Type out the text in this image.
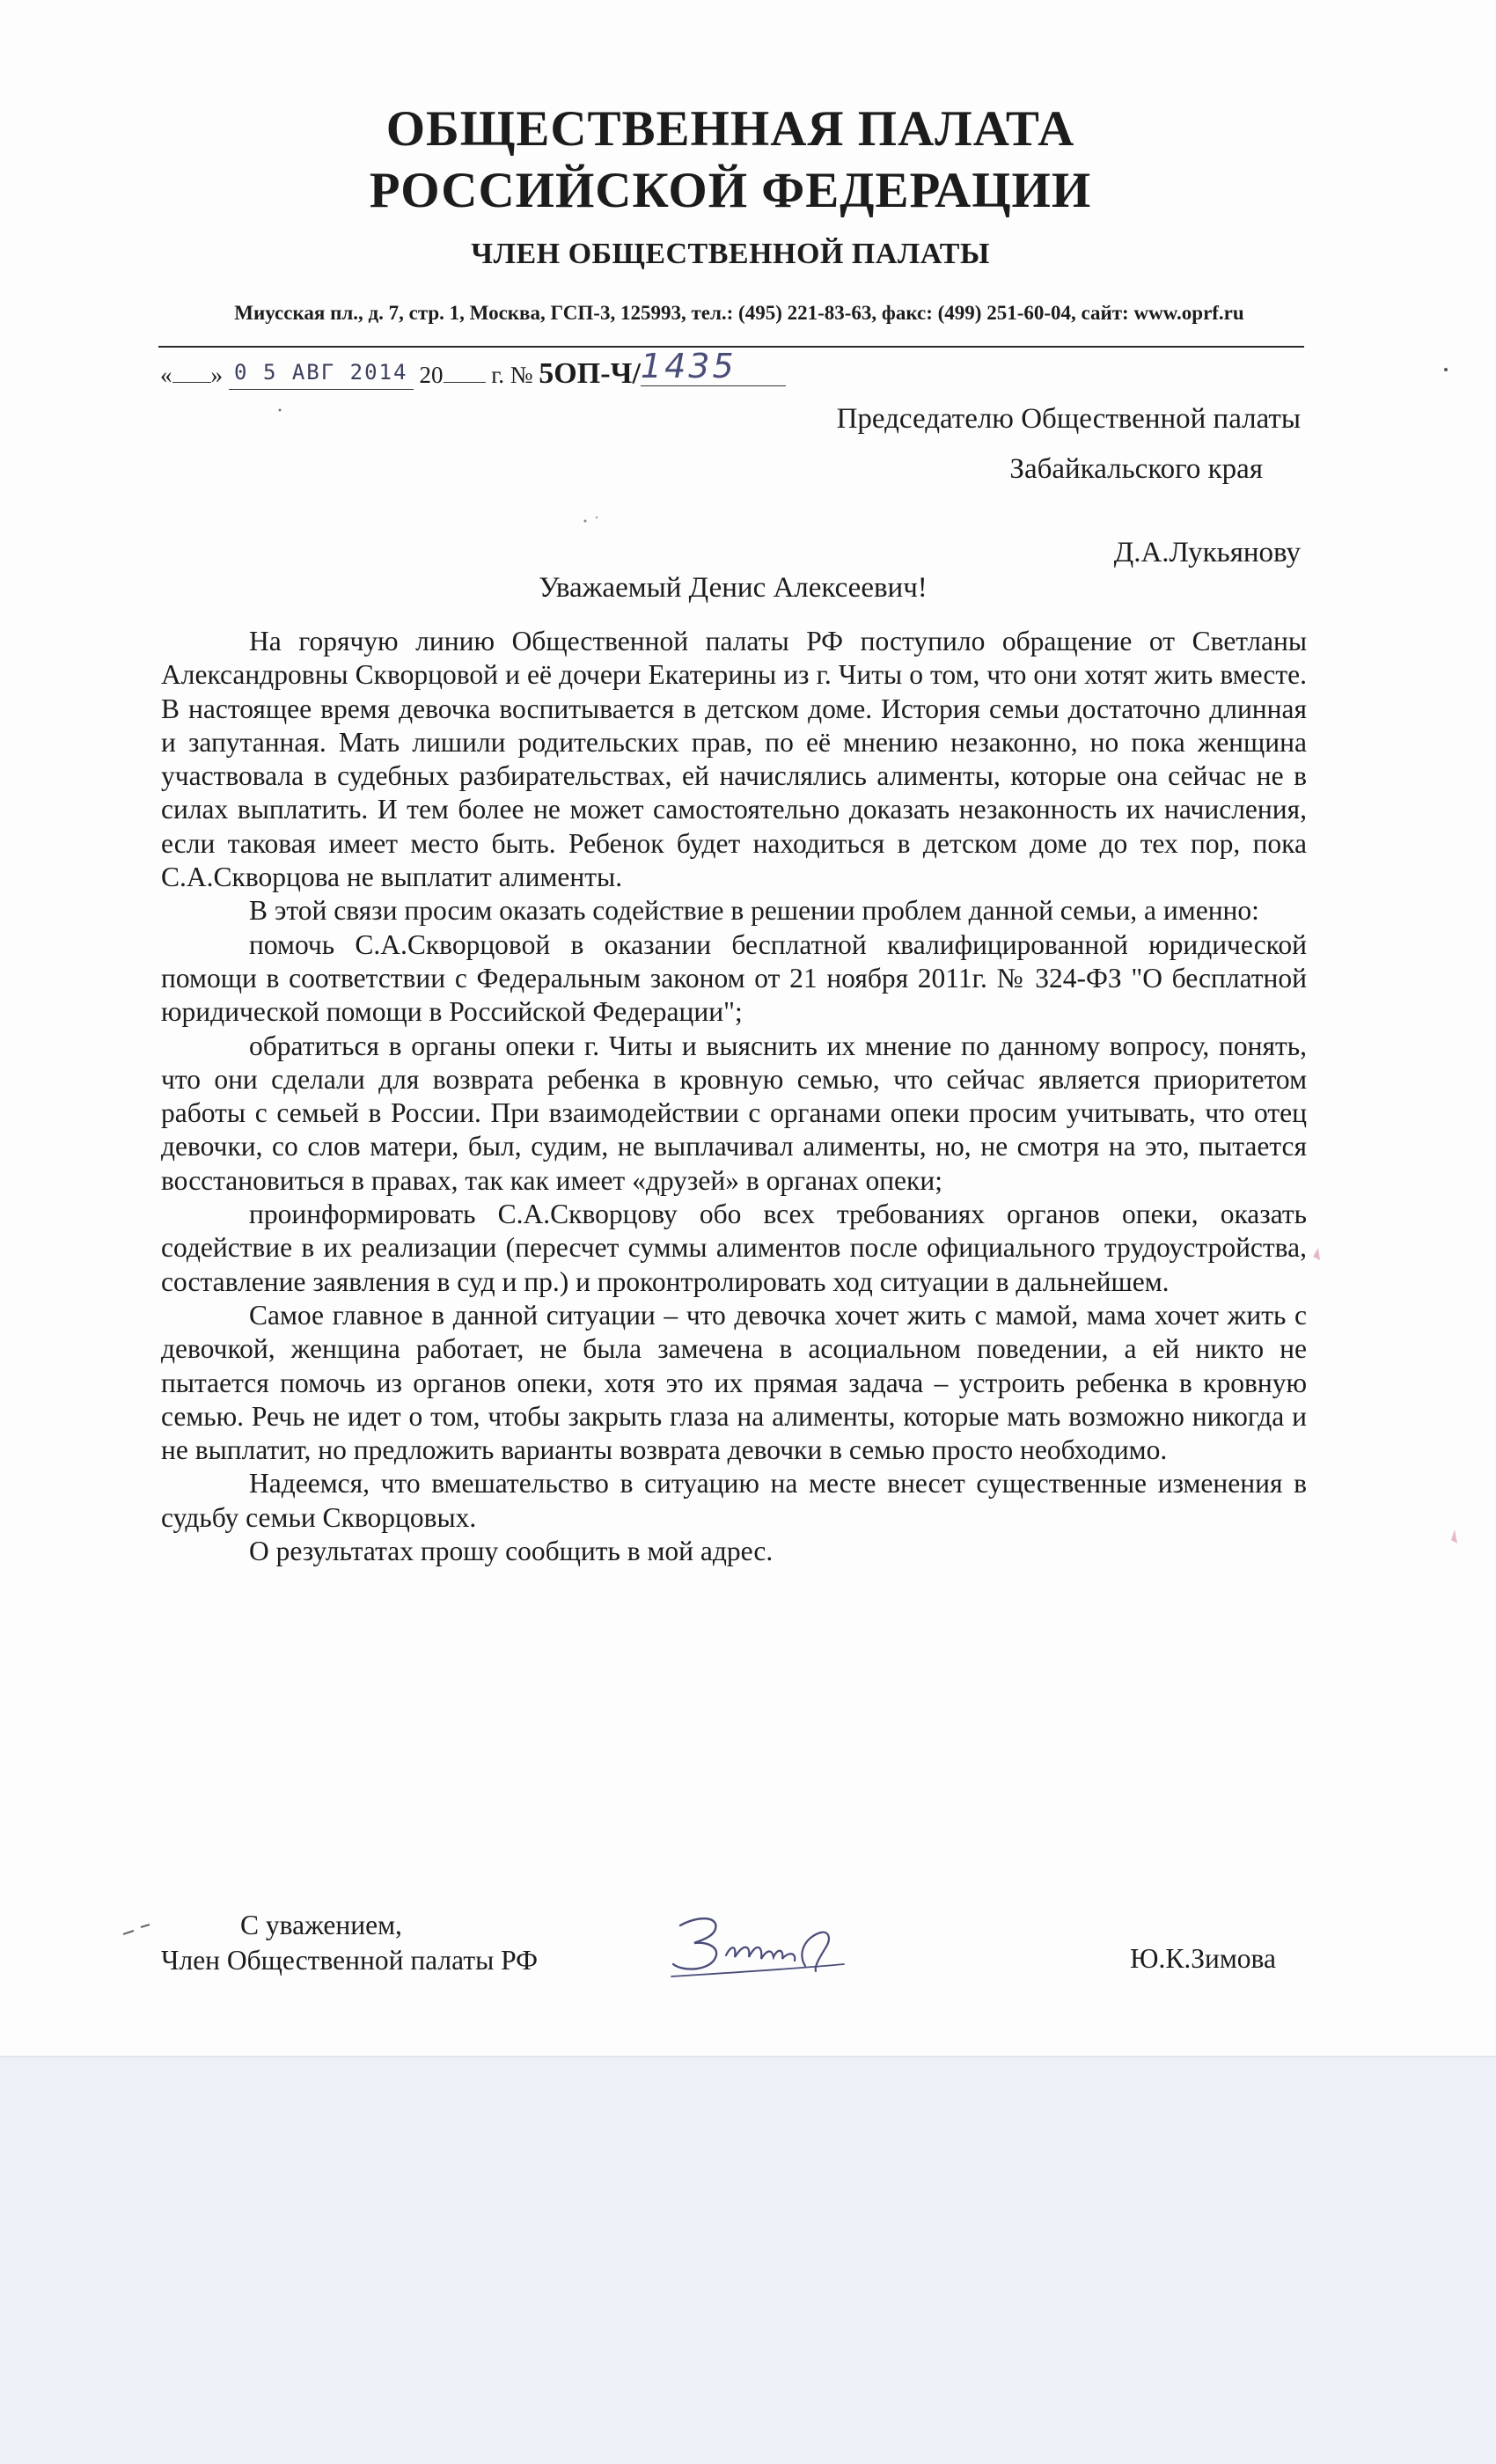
ОБЩЕСТВЕННАЯ ПАЛАТА
РОССИЙСКОЙ ФЕДЕРАЦИИ
ЧЛЕН ОБЩЕСТВЕННОЙ ПАЛАТЫ
Миусская пл., д. 7, стр. 1, Москва, ГСП-3, 125993, тел.: (495) 221-83-63, факс: (499) 251-60-04, сайт: www.oprf.ru
« » 0 5 АВГ 2014 20 г. № 5ОП-Ч/1435
Председателю Общественной палаты
Забайкальского края
Д.А.Лукьянову
Уважаемый Денис Алексеевич!

На горячую линию Общественной палаты РФ поступило обращение от Светланы Александровны Скворцовой и её дочери Екатерины из г. Читы о том, что они хотят жить вместе. В настоящее время девочка воспитывается в детском доме. История семьи достаточно длинная и запутанная. Мать лишили родительских прав, по её мнению незаконно, но пока женщина участвовала в судебных разбирательствах, ей начислялись алименты, которые она сейчас не в силах выплатить. И тем более не может самостоятельно доказать незаконность их начисления, если таковая имеет место быть. Ребенок будет находиться в детском доме до тех пор, пока С.А.Скворцова не выплатит алименты.

В этой связи просим оказать содействие в решении проблем данной семьи, а именно:

помочь С.А.Скворцовой в оказании бесплатной квалифицированной юридической помощи в соответствии с Федеральным законом от 21 ноября 2011г. № 324-ФЗ "О бесплатной юридической помощи в Российской Федерации";

обратиться в органы опеки г. Читы и выяснить их мнение по данному вопросу, понять, что они сделали для возврата ребенка в кровную семью, что сейчас является приоритетом работы с семьей в России. При взаимодействии с органами опеки просим учитывать, что отец девочки, со слов матери, был, судим, не выплачивал алименты, но, не смотря на это, пытается восстановиться в правах, так как имеет «друзей» в органах опеки;

проинформировать С.А.Скворцову обо всех требованиях органов опеки, оказать содействие в их реализации (пересчет суммы алиментов после официального трудоустройства, составление заявления в суд и пр.) и проконтролировать ход ситуации в дальнейшем.

Самое главное в данной ситуации – что девочка хочет жить с мамой, мама хочет жить с девочкой, женщина работает, не была замечена в асоциальном поведении, а ей никто не пытается помочь из органов опеки, хотя это их прямая задача – устроить ребенка в кровную семью. Речь не идет о том, чтобы закрыть глаза на алименты, которые мать возможно никогда и не выплатит, но предложить варианты возврата девочки в семью просто необходимо.

Надеемся, что вмешательство в ситуацию на месте внесет существенные изменения в судьбу семьи Скворцовых.

О результатах прошу сообщить в мой адрес.

С уважением,
Член Общественной палаты РФ	Ю.К.Зимова
